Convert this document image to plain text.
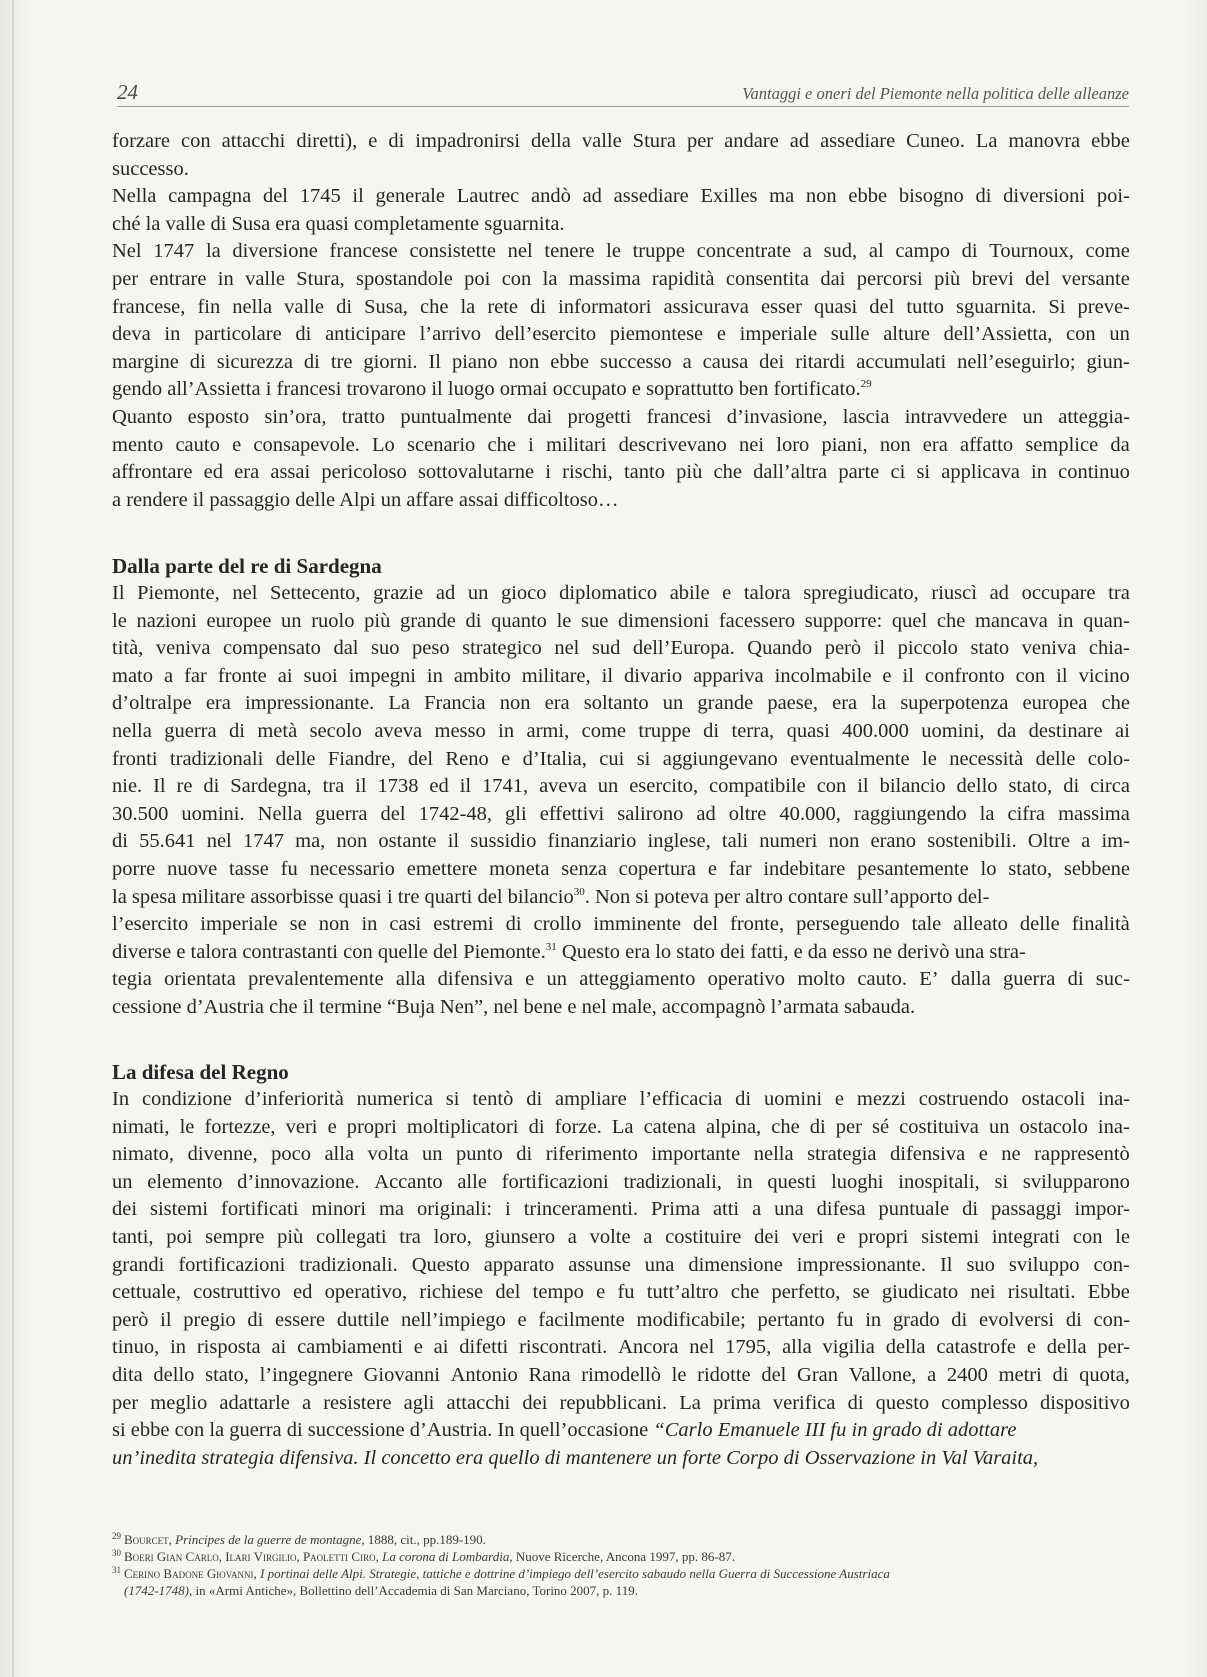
24	Vantaggi e oneri del Piemonte nella politica delle alleanze
forzare con attacchi diretti), e di impadronirsi della valle Stura per andare ad assediare Cuneo. La manovra ebbe
successo.
Nella campagna del 1745 il generale Lautrec andò ad assediare Exilles ma non ebbe bisogno di diversioni poi-
ché la valle di Susa era quasi completamente sguarnita.
Nel 1747 la diversione francese consistette nel tenere le truppe concentrate a sud, al campo di Tournoux, come
per entrare in valle Stura, spostandole poi con la massima rapidità consentita dai percorsi più brevi del versante
francese, fin nella valle di Susa, che la rete di informatori assicurava esser quasi del tutto sguarnita. Si preve-
deva in particolare di anticipare l’arrivo dell’esercito piemontese e imperiale sulle alture dell’Assietta, con un
margine di sicurezza di tre giorni. Il piano non ebbe successo a causa dei ritardi accumulati nell’eseguirlo; giun-
gendo all’Assietta i francesi trovarono il luogo ormai occupato e soprattutto ben fortificato.$^{29}$
Quanto esposto sin’ora, tratto puntualmente dai progetti francesi d’invasione, lascia intravvedere un atteggia-
mento cauto e consapevole. Lo scenario che i militari descrivevano nei loro piani, non era affatto semplice da
affrontare ed era assai pericoloso sottovalutarne i rischi, tanto più che dall’altra parte ci si applicava in continuo
a rendere il passaggio delle Alpi un affare assai difficoltoso…
Dalla parte del re di Sardegna
Il Piemonte, nel Settecento, grazie ad un gioco diplomatico abile e talora spregiudicato, riuscì ad occupare tra
le nazioni europee un ruolo più grande di quanto le sue dimensioni facessero supporre: quel che mancava in quan-
tità, veniva compensato dal suo peso strategico nel sud dell’Europa. Quando però il piccolo stato veniva chia-
mato a far fronte ai suoi impegni in ambito militare, il divario appariva incolmabile e il confronto con il vicino
d’oltralpe era impressionante. La Francia non era soltanto un grande paese, era la superpotenza europea che
nella guerra di metà secolo aveva messo in armi, come truppe di terra, quasi 400.000 uomini, da destinare ai
fronti tradizionali delle Fiandre, del Reno e d’Italia, cui si aggiungevano eventualmente le necessità delle colo-
nie. Il re di Sardegna, tra il 1738 ed il 1741, aveva un esercito, compatibile con il bilancio dello stato, di circa
30.500 uomini. Nella guerra del 1742-48, gli effettivi salirono ad oltre 40.000, raggiungendo la cifra massima
di 55.641 nel 1747 ma, non ostante il sussidio finanziario inglese, tali numeri non erano sostenibili. Oltre a im-
porre nuove tasse fu necessario emettere moneta senza copertura e far indebitare pesantemente lo stato, sebbene
la spesa militare assorbisse quasi i tre quarti del bilancio$^{30}$. Non si poteva per altro contare sull’apporto del-
l’esercito imperiale se non in casi estremi di crollo imminente del fronte, perseguendo tale alleato delle finalità
diverse e talora contrastanti con quelle del Piemonte.$^{31}$ Questo era lo stato dei fatti, e da esso ne derivò una stra-
tegia orientata prevalentemente alla difensiva e un atteggiamento operativo molto cauto. E’ dalla guerra di suc-
cessione d’Austria che il termine “Buja Nen”, nel bene e nel male, accompagnò l’armata sabauda.
La difesa del Regno
In condizione d’inferiorità numerica si tentò di ampliare l’efficacia di uomini e mezzi costruendo ostacoli ina-
nimati, le fortezze, veri e propri moltiplicatori di forze. La catena alpina, che di per sé costituiva un ostacolo ina-
nimato, divenne, poco alla volta un punto di riferimento importante nella strategia difensiva e ne rappresentò
un elemento d’innovazione. Accanto alle fortificazioni tradizionali, in questi luoghi inospitali, si svilupparono
dei sistemi fortificati minori ma originali: i trinceramenti. Prima atti a una difesa puntuale di passaggi impor-
tanti, poi sempre più collegati tra loro, giunsero a volte a costituire dei veri e propri sistemi integrati con le
grandi fortificazioni tradizionali. Questo apparato assunse una dimensione impressionante. Il suo sviluppo con-
cettuale, costruttivo ed operativo, richiese del tempo e fu tutt’altro che perfetto, se giudicato nei risultati. Ebbe
però il pregio di essere duttile nell’impiego e facilmente modificabile; pertanto fu in grado di evolversi di con-
tinuo, in risposta ai cambiamenti e ai difetti riscontrati. Ancora nel 1795, alla vigilia della catastrofe e della per-
dita dello stato, l’ingegnere Giovanni Antonio Rana rimodellò le ridotte del Gran Vallone, a 2400 metri di quota,
per meglio adattarle a resistere agli attacchi dei repubblicani. La prima verifica di questo complesso dispositivo
si ebbe con la guerra di successione d’Austria. In quell’occasione “Carlo Emanuele III fu in grado di adottare
un’inedita strategia difensiva. Il concetto era quello di mantenere un forte Corpo di Osservazione in Val Varaita,
$^{29}$ Bourcet, Principes de la guerre de montagne, 1888, cit., pp.189-190.
$^{30}$ Boeri Gian Carlo, Ilari Virgilio, Paoletti Ciro, La corona di Lombardia, Nuove Ricerche, Ancona 1997, pp. 86-87.
$^{31}$ Cerino Badone Giovanni, I portinai delle Alpi. Strategie, tattiche e dottrine d’impiego dell’esercito sabaudo nella Guerra di Successione Austriaca
(1742-1748), in «Armi Antiche», Bollettino dell’Accademia di San Marciano, Torino 2007, p. 119.
